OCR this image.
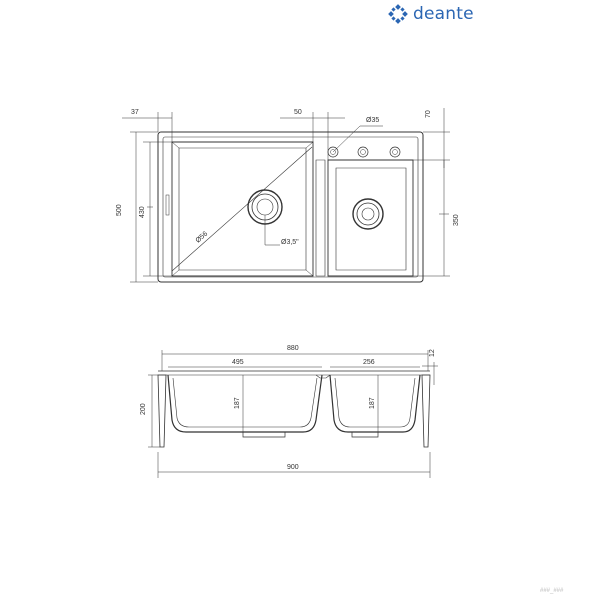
deante
37	50	70
Ø35
500 430
350
Ø56	Ø3,5"
880
12
495	256
200
187	187
900
###_###
